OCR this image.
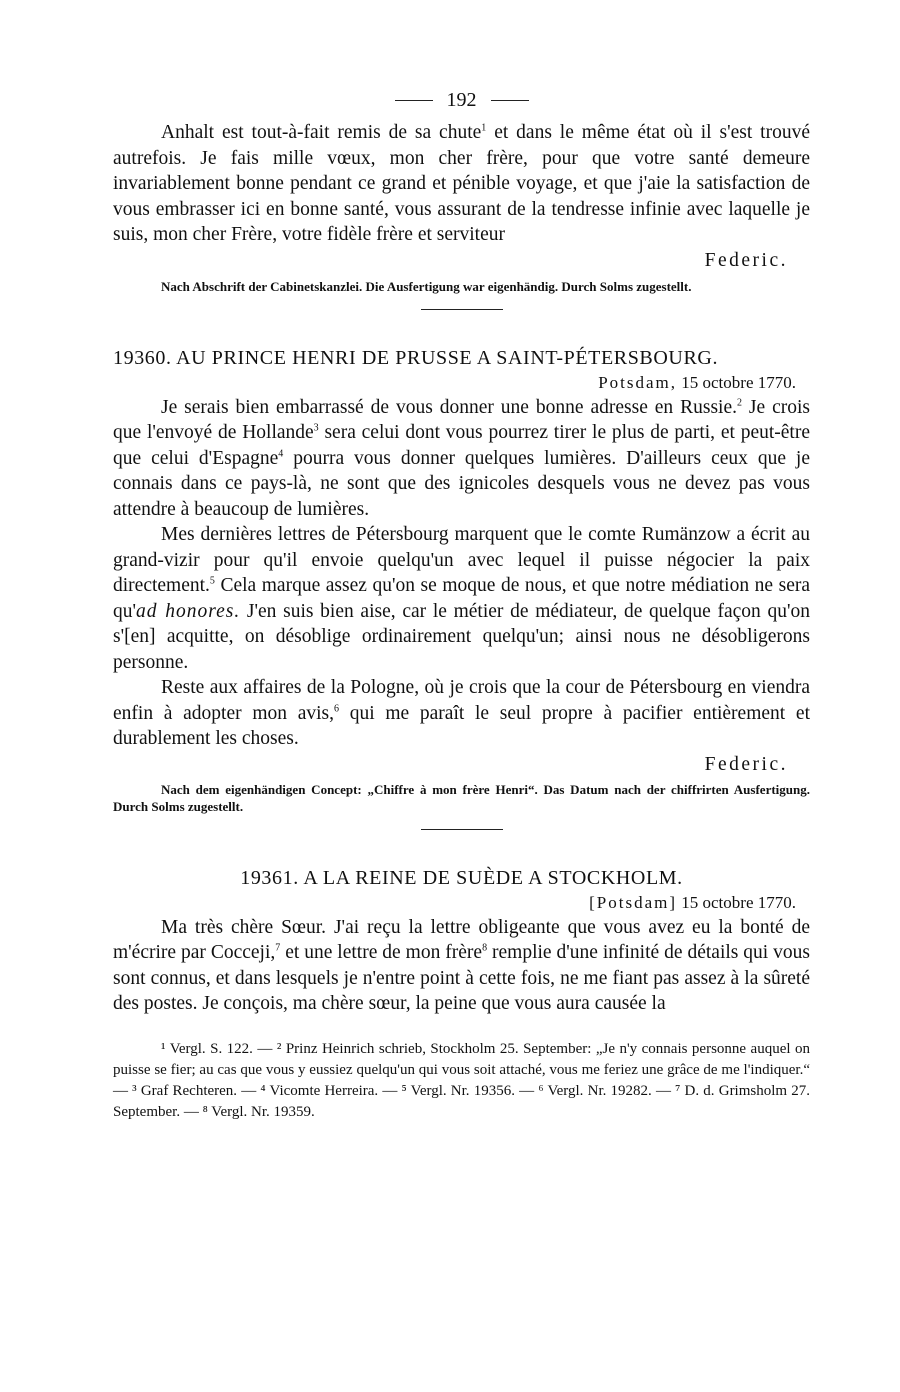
192

Anhalt est tout-à-fait remis de sa chute$^1$ et dans le même état où il s'est trouvé autrefois. Je fais mille vœux, mon cher frère, pour que votre santé demeure invariablement bonne pendant ce grand et pénible voyage, et que j'aie la satisfaction de vous embrasser ici en bonne santé, vous assurant de la tendresse infinie avec laquelle je suis, mon cher Frère, votre fidèle frère et serviteur

Federic.
Nach Abschrift der Cabinetskanzlei. Die Ausfertigung war eigenhändig. Durch Solms zugestellt.
19360. AU PRINCE HENRI DE PRUSSE A SAINT-PÉTERSBOURG.
Potsdam, 15 octobre 1770.

Je serais bien embarrassé de vous donner une bonne adresse en Russie.$^2$ Je crois que l'envoyé de Hollande$^3$ sera celui dont vous pourrez tirer le plus de parti, et peut-être que celui d'Espagne$^4$ pourra vous donner quelques lumières. D'ailleurs ceux que je connais dans ce pays-là, ne sont que des ignicoles desquels vous ne devez pas vous attendre à beaucoup de lumières.

Mes dernières lettres de Pétersbourg marquent que le comte Rumänzow a écrit au grand-vizir pour qu'il envoie quelqu'un avec lequel il puisse négocier la paix directement.$^5$ Cela marque assez qu'on se moque de nous, et que notre médiation ne sera qu'ad honores. J'en suis bien aise, car le métier de médiateur, de quelque façon qu'on s'[en] acquitte, on désoblige ordinairement quelqu'un; ainsi nous ne désobligerons personne.

Reste aux affaires de la Pologne, où je crois que la cour de Pétersbourg en viendra enfin à adopter mon avis,$^6$ qui me paraît le seul propre à pacifier entièrement et durablement les choses.

Federic.
Nach dem eigenhändigen Concept: „Chiffre à mon frère Henri“. Das Datum nach der chiffrirten Ausfertigung. Durch Solms zugestellt.
19361. A LA REINE DE SUÈDE A STOCKHOLM.
[Potsdam] 15 octobre 1770.

Ma très chère Sœur. J'ai reçu la lettre obligeante que vous avez eu la bonté de m'écrire par Cocceji,$^7$ et une lettre de mon frère$^8$ remplie d'une infinité de détails qui vous sont connus, et dans lesquels je n'entre point à cette fois, ne me fiant pas assez à la sûreté des postes. Je conçois, ma chère sœur, la peine que vous aura causée la

¹ Vergl. S. 122. — ² Prinz Heinrich schrieb, Stockholm 25. September: „Je n'y connais personne auquel on puisse se fier; au cas que vous y eussiez quelqu'un qui vous soit attaché, vous me feriez une grâce de me l'indiquer.“ — ³ Graf Rechteren. — ⁴ Vicomte Herreira. — ⁵ Vergl. Nr. 19356. — ⁶ Vergl. Nr. 19282. — ⁷ D. d. Grimsholm 27. September. — ⁸ Vergl. Nr. 19359.
